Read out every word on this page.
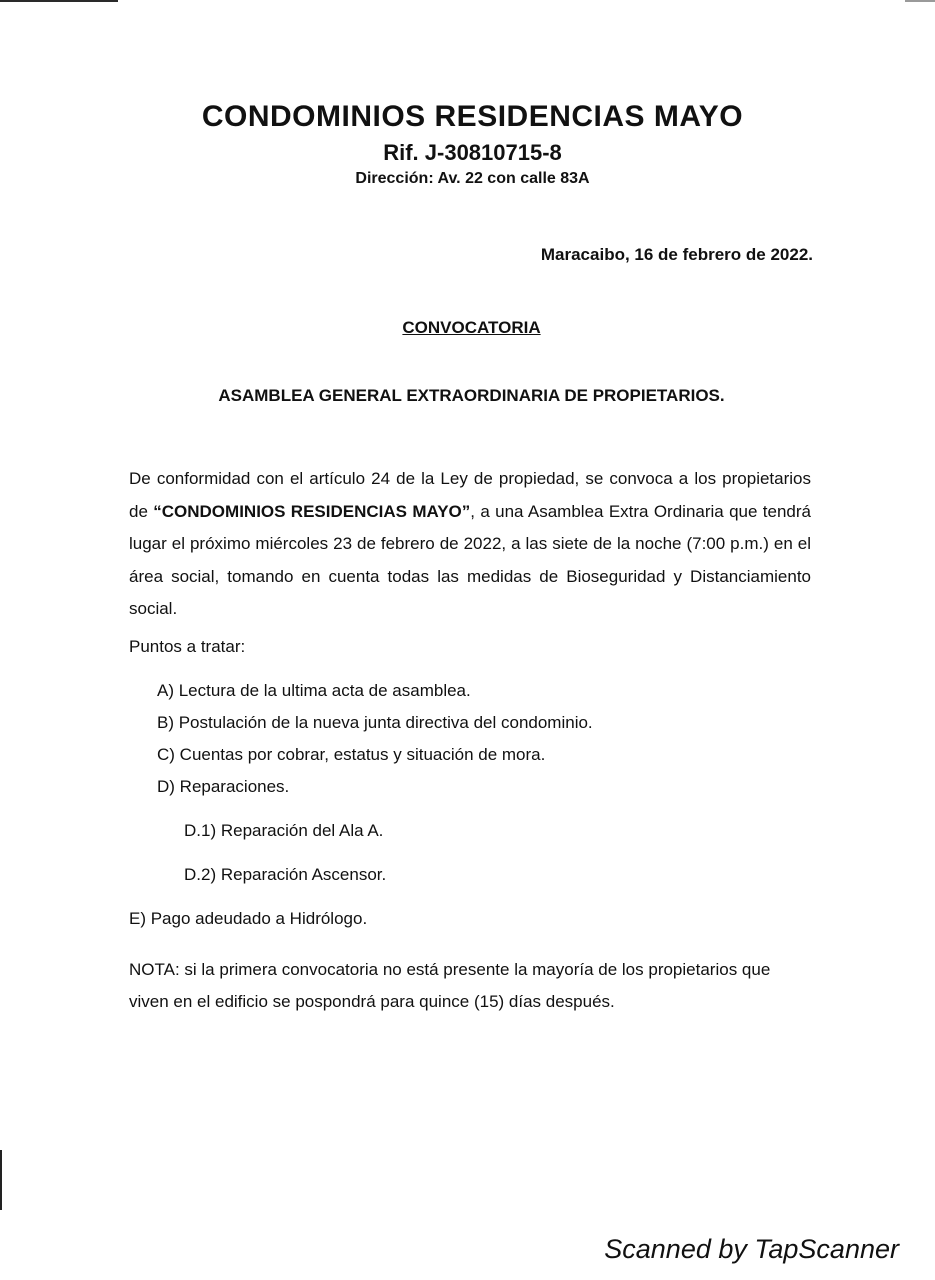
CONDOMINIOS RESIDENCIAS MAYO
Rif. J-30810715-8
Dirección: Av. 22 con calle 83A
Maracaibo, 16 de febrero de 2022.
CONVOCATORIA
ASAMBLEA GENERAL EXTRAORDINARIA DE PROPIETARIOS.

De conformidad con el artículo 24 de la Ley de propiedad, se convoca a los propietarios de “CONDOMINIOS RESIDENCIAS MAYO”, a una Asamblea Extra Ordinaria que tendrá lugar el próximo miércoles 23 de febrero de 2022, a las siete de la noche (7:00 p.m.) en el área social, tomando en cuenta todas las medidas de Bioseguridad y Distanciamiento social.

Puntos a tratar:
A) Lectura de la ultima acta de asamblea.
B) Postulación de la nueva junta directiva del condominio.
C) Cuentas por cobrar, estatus y situación de mora.
D) Reparaciones.
D.1) Reparación del Ala A.
D.2) Reparación Ascensor.
E) Pago adeudado a Hidrólogo.

NOTA: si la primera convocatoria no está presente la mayoría de los propietarios que viven en el edificio se pospondrá para quince (15) días después.

Scanned by TapScanner
